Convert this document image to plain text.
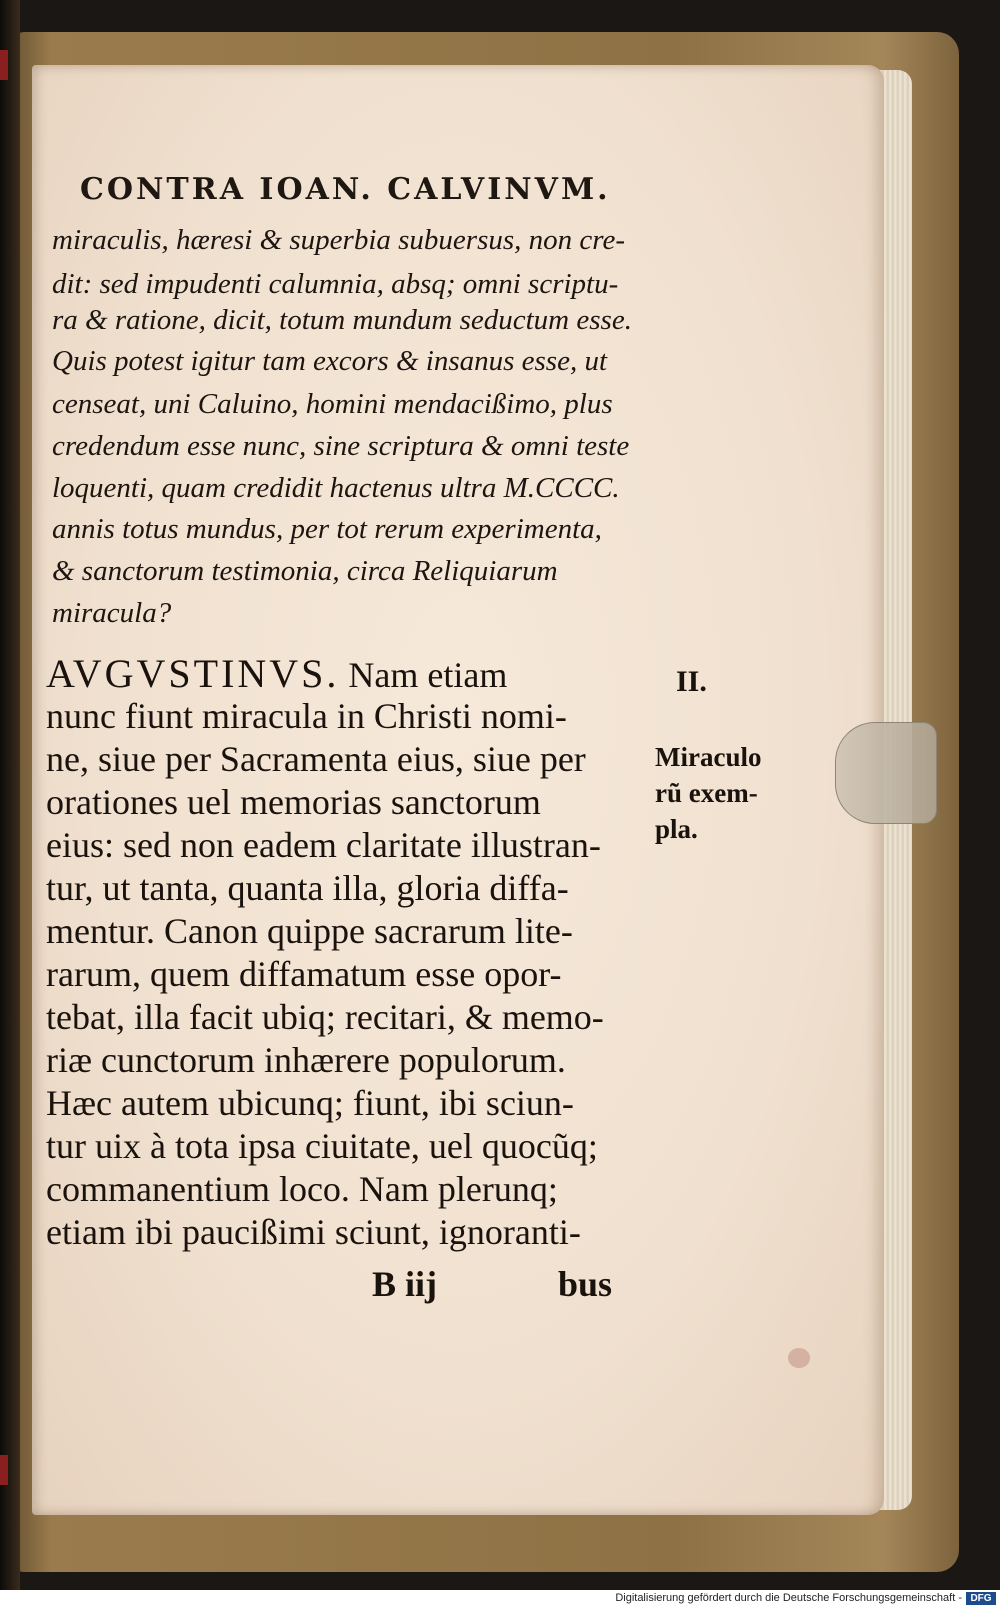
CONTRA IOAN. CALVINVM.
miraculis, hæresi & superbia subuersus, non cre-
dit: sed impudenti calumnia, absq; omni scriptu-
ra & ratione, dicit, totum mundum seductum esse.
Quis potest igitur tam excors & insanus esse, ut
censeat, uni Caluino, homini mendacißimo, plus
credendum esse nunc, sine scriptura & omni teste
loquenti, quam credidit hactenus ultra M.CCCC.
annis totus mundus, per tot rerum experimenta,
& sanctorum testimonia, circa Reliquiarum
miracula?
AVGVSTINVS. Nam etiam
nunc fiunt miracula in Christi nomi-
ne, siue per Sacramenta eius, siue per
orationes uel memorias sanctorum
eius: sed non eadem claritate illustran-
tur, ut tanta, quanta illa, gloria diffa-
mentur. Canon quippe sacrarum lite-
rarum, quem diffamatum esse opor-
tebat, illa facit ubiq; recitari, & memo-
riæ cunctorum inhærere populorum.
Hæc autem ubicunq; fiunt, ibi sciun-
tur uix à tota ipsa ciuitate, uel quocũq;
commanentium loco. Nam plerunq;
etiam ibi paucißimi sciunt, ignoranti-
II.
Miraculo
rũ exem-
pla.
B iij	bus
Digitalisierung gefördert durch die Deutsche Forschungsgemeinschaft - DFG
